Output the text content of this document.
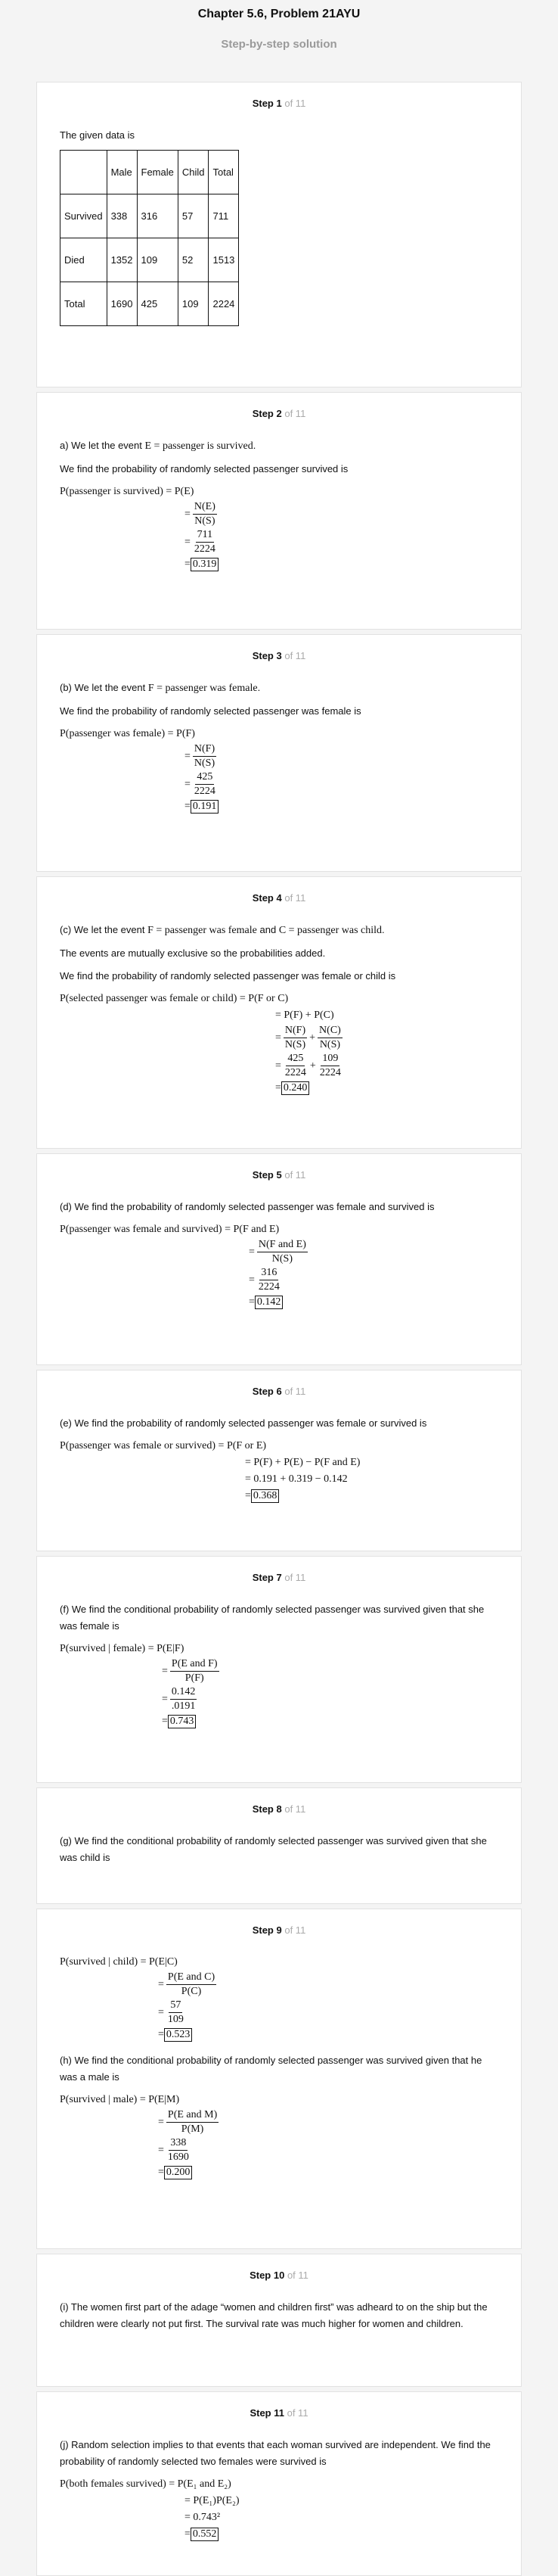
Chapter 5.6, Problem 21AYU
Step-by-step solution
Step 1 of 11

The given data is

	Male	Female	Child	Total
Survived	338	316	57	711
Died	1352	109	52	1513
Total	1690	425	109	2224
Step 2 of 11

a) We let the event E = passenger is survived.

We find the probability of randomly selected passenger survived is

P(passenger is survived) = P(E)
= $\frac{N(E)}{N(S)}$
= $\frac{711}{2224}$
= 0.319
Step 3 of 11

(b) We let the event F = passenger was female.

We find the probability of randomly selected passenger was female is

P(passenger was female) = P(F)
= $\frac{N(F)}{N(S)}$
= $\frac{425}{2224}$
= 0.191
Step 4 of 11

(c) We let the event F = passenger was female and C = passenger was child.

The events are mutually exclusive so the probabilities added.

We find the probability of randomly selected passenger was female or child is

P(selected passenger was female or child) = P(F or C)
= P(F) + P(C)
= $\frac{N(F)}{N(S)} + \frac{N(C)}{N(S)}$
= $\frac{425}{2224} + \frac{109}{2224}$
= 0.240
Step 5 of 11

(d) We find the probability of randomly selected passenger was female and survived is

P(passenger was female and survived) = P(F and E)
= $\frac{\text{N(F and E)}}{N(S)}$
= $\frac{316}{2224}$
= 0.142
Step 6 of 11

(e) We find the probability of randomly selected passenger was female or survived is

P(passenger was female or survived) = P(F or E)
= P(F) + P(E) − P(F and E)
= 0.191 + 0.319 − 0.142
= 0.368
Step 7 of 11

(f) We find the conditional probability of randomly selected passenger was survived given that she was female is

P(survived | female) = P(E|F)
= $\frac{\text{P(E and F)}}{P(F)}$
= $\frac{0.142}{.0191}$
= 0.743
Step 8 of 11

(g) We find the conditional probability of randomly selected passenger was survived given that she was child is

Step 9 of 11
P(survived | child) = P(E|C)
= $\frac{\text{P(E and C)}}{P(C)}$
= $\frac{57}{109}$
= 0.523

(h) We find the conditional probability of randomly selected passenger was survived given that he was a male is

P(survived | male) = P(E|M)
= $\frac{\text{P(E and M)}}{P(M)}$
= $\frac{338}{1690}$
= 0.200
Step 10 of 11

(i) The women first part of the adage “women and children first” was adheard to on the ship but the children were clearly not put first. The survival rate was much higher for women and children.

Step 11 of 11

(j) Random selection implies to that events that each woman survived are independent. We find the probability of randomly selected two females were survived is

P(both females survived) = P(E₁ and E₂)
= P(E₁)P(E₂)
= 0.743²
= 0.552
